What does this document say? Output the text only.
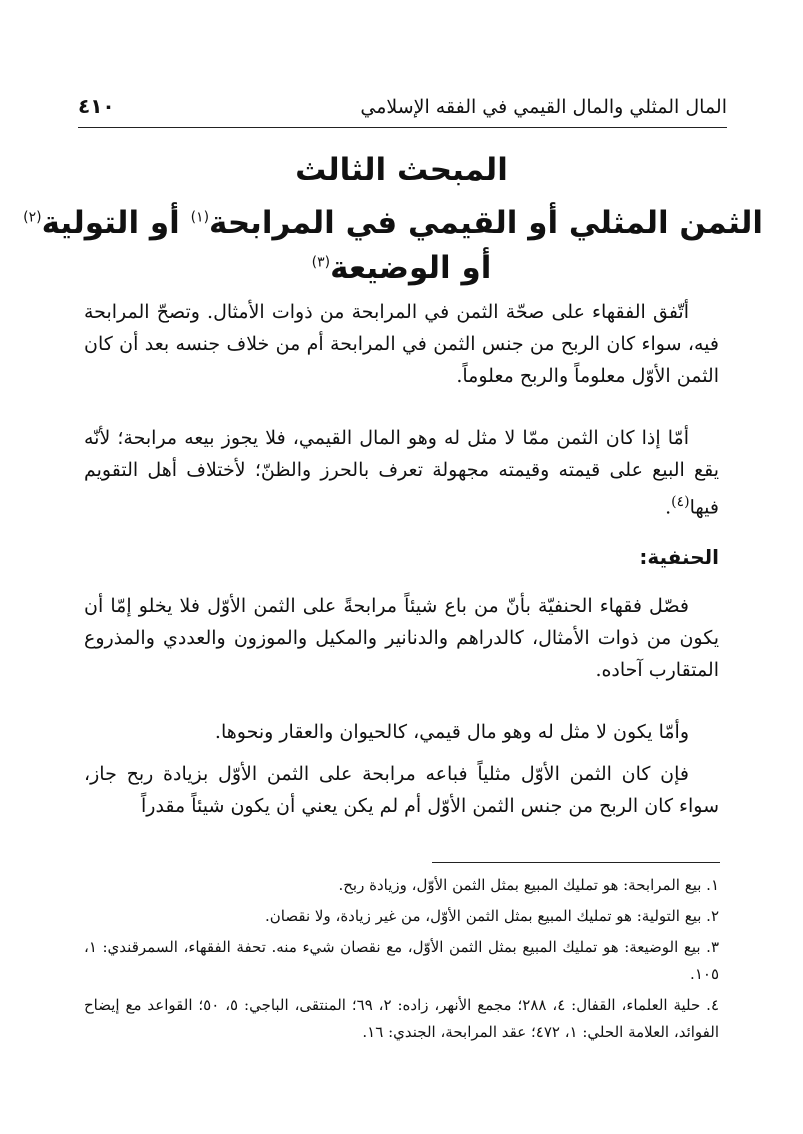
المال المثلي والمال القيمي في الفقه الإسلامي
٤١٠
المبحث الثالث
الثمن المثلي أو القيمي في المرابحة$^{(١)}$ أو التولية$^{(٢)}$
أو الوضيعة$^{(٣)}$

أتّفق الفقهاء على صحّة الثمن في المرابحة من ذوات الأمثال. وتصحّ المرابحة فيه، سواء كان الربح من جنس الثمن في المرابحة أم من خلاف جنسه بعد أن كان الثمن الأوّل معلوماً والربح معلوماً.

أمّا إذا كان الثمن ممّا لا مثل له وهو المال القيمي، فلا يجوز بيعه مرابحة؛ لأنّه يقع البيع على قيمته وقيمته مجهولة تعرف بالحرز والظنّ؛ لأختلاف أهل التقويم فيها$^{(٤)}$.

الحنفية:

فصّل فقهاء الحنفيّة بأنّ من باع شيئاً مرابحةً على الثمن الأوّل فلا يخلو إمّا أن يكون من ذوات الأمثال، كالدراهم والدنانير والمكيل والموزون والعددي والمذروع المتقارب آحاده.

وأمّا يكون لا مثل له وهو مال قيمي، كالحيوان والعقار ونحوها.

فإن كان الثمن الأوّل مثلياً فباعه مرابحة على الثمن الأوّل بزيادة ربح جاز، سواء كان الربح من جنس الثمن الأوّل أم لم يكن يعني أن يكون شيئاً مقدراً

١. بيع المرابحة: هو تمليك المبيع بمثل الثمن الأوّل، وزيادة ربح.

٢. بيع التولية: هو تمليك المبيع بمثل الثمن الأوّل، من غير زيادة، ولا نقصان.

٣. بيع الوضيعة: هو تمليك المبيع بمثل الثمن الأوّل، مع نقصان شيء منه. تحفة الفقهاء، السمرقندي: ١، ١٠٥.

٤. حلية العلماء، القفال: ٤، ٢٨٨؛ مجمع الأنهر، زاده: ٢، ٦٩؛ المنتقى، الباجي: ٥، ٥٠؛ القواعد مع إيضاح الفوائد، العلامة الحلي: ١، ٤٧٢؛ عقد المرابحة، الجندي: ١٦.
